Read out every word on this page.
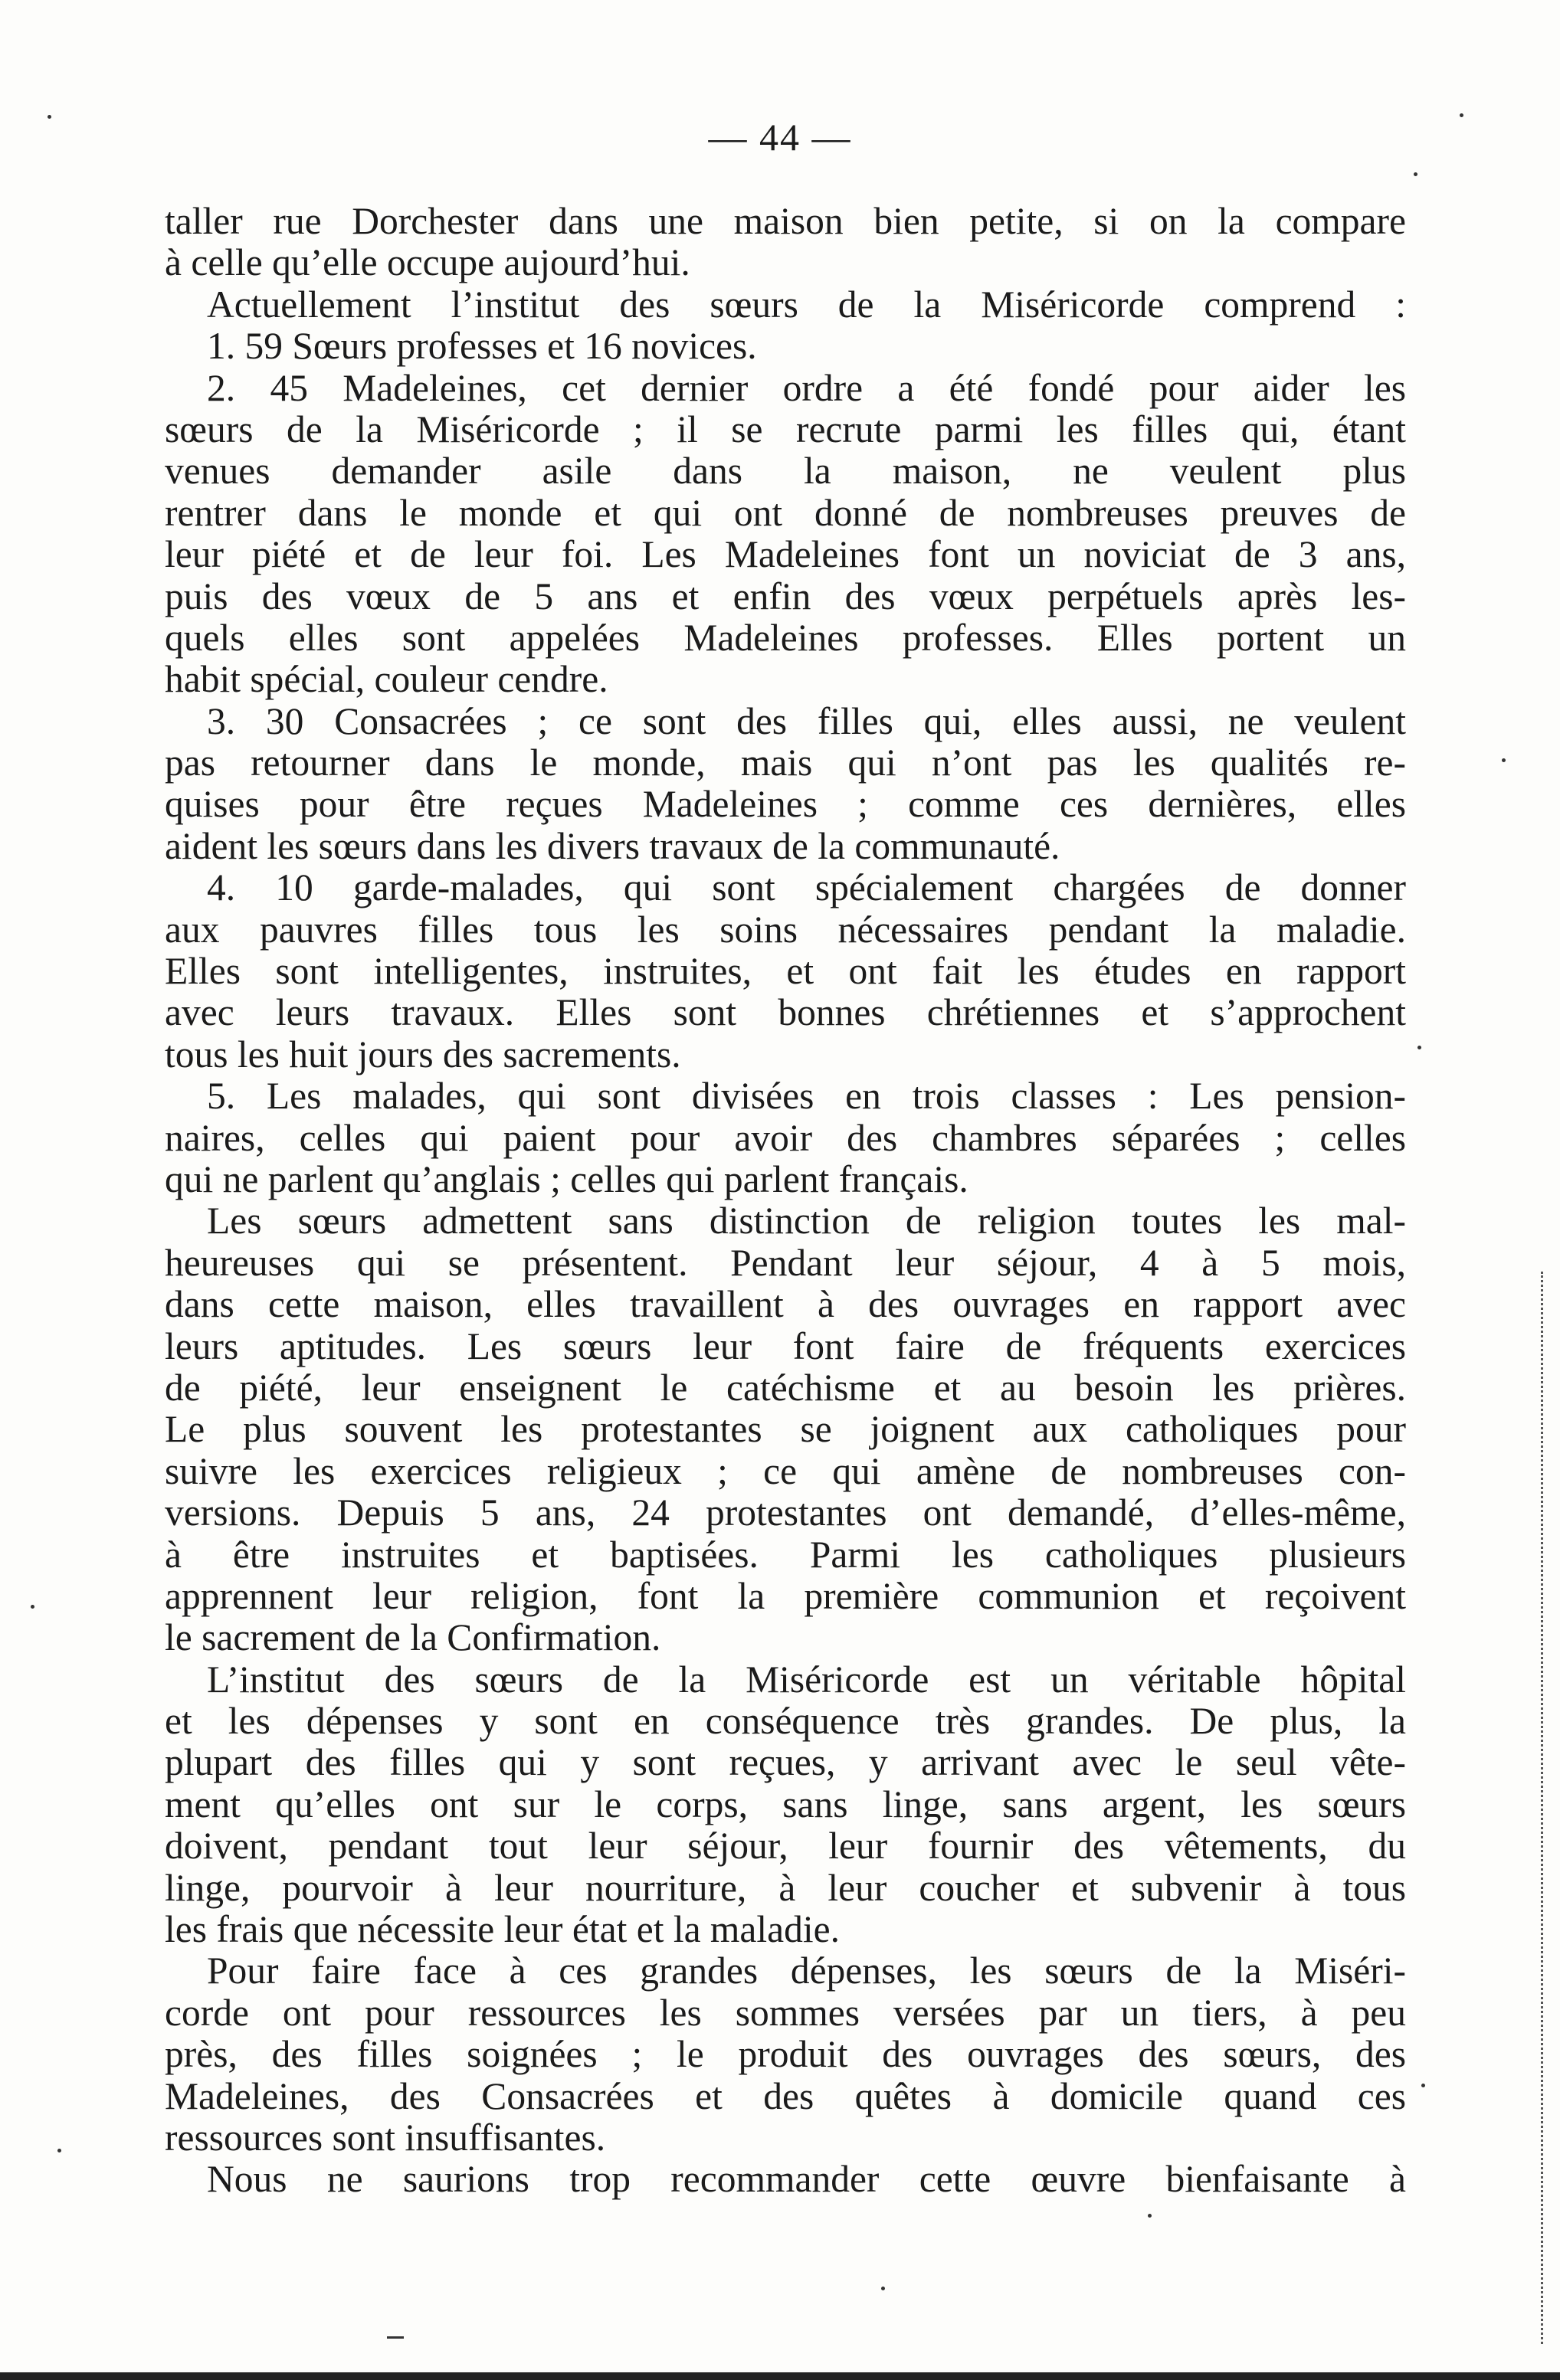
— 44 —
taller rue Dorchester dans une maison bien petite, si on la compare
à celle qu’elle occupe aujourd’hui.
Actuellement l’institut des sœurs de la Miséricorde comprend :
1. 59 Sœurs professes et 16 novices.
2. 45 Madeleines, cet dernier ordre a été fondé pour aider les
sœurs de la Miséricorde ; il se recrute parmi les filles qui, étant
venues demander asile dans la maison, ne veulent plus
rentrer dans le monde et qui ont donné de nombreuses preuves de
leur piété et de leur foi. Les Madeleines font un noviciat de 3 ans,
puis des vœux de 5 ans et enfin des vœux perpétuels après les-
quels elles sont appelées Madeleines professes. Elles portent un
habit spécial, couleur cendre.
3. 30 Consacrées ; ce sont des filles qui, elles aussi, ne veulent
pas retourner dans le monde, mais qui n’ont pas les qualités re-
quises pour être reçues Madeleines ; comme ces dernières, elles
aident les sœurs dans les divers travaux de la communauté.
4. 10 garde-malades, qui sont spécialement chargées de donner
aux pauvres filles tous les soins nécessaires pendant la maladie.
Elles sont intelligentes, instruites, et ont fait les études en rapport
avec leurs travaux. Elles sont bonnes chrétiennes et s’approchent
tous les huit jours des sacrements.
5. Les malades, qui sont divisées en trois classes : Les pension-
naires, celles qui paient pour avoir des chambres séparées ; celles
qui ne parlent qu’anglais ; celles qui parlent français.
Les sœurs admettent sans distinction de religion toutes les mal-
heureuses qui se présentent. Pendant leur séjour, 4 à 5 mois,
dans cette maison, elles travaillent à des ouvrages en rapport avec
leurs aptitudes. Les sœurs leur font faire de fréquents exercices
de piété, leur enseignent le catéchisme et au besoin les prières.
Le plus souvent les protestantes se joignent aux catholiques pour
suivre les exercices religieux ; ce qui amène de nombreuses con-
versions. Depuis 5 ans, 24 protestantes ont demandé, d’elles-même,
à être instruites et baptisées. Parmi les catholiques plusieurs
apprennent leur religion, font la première communion et reçoivent
le sacrement de la Confirmation.
L’institut des sœurs de la Miséricorde est un véritable hôpital
et les dépenses y sont en conséquence très grandes. De plus, la
plupart des filles qui y sont reçues, y arrivant avec le seul vête-
ment qu’elles ont sur le corps, sans linge, sans argent, les sœurs
doivent, pendant tout leur séjour, leur fournir des vêtements, du
linge, pourvoir à leur nourriture, à leur coucher et subvenir à tous
les frais que nécessite leur état et la maladie.
Pour faire face à ces grandes dépenses, les sœurs de la Miséri-
corde ont pour ressources les sommes versées par un tiers, à peu
près, des filles soignées ; le produit des ouvrages des sœurs, des
Madeleines, des Consacrées et des quêtes à domicile quand ces
ressources sont insuffisantes.
Nous ne saurions trop recommander cette œuvre bienfaisante à
